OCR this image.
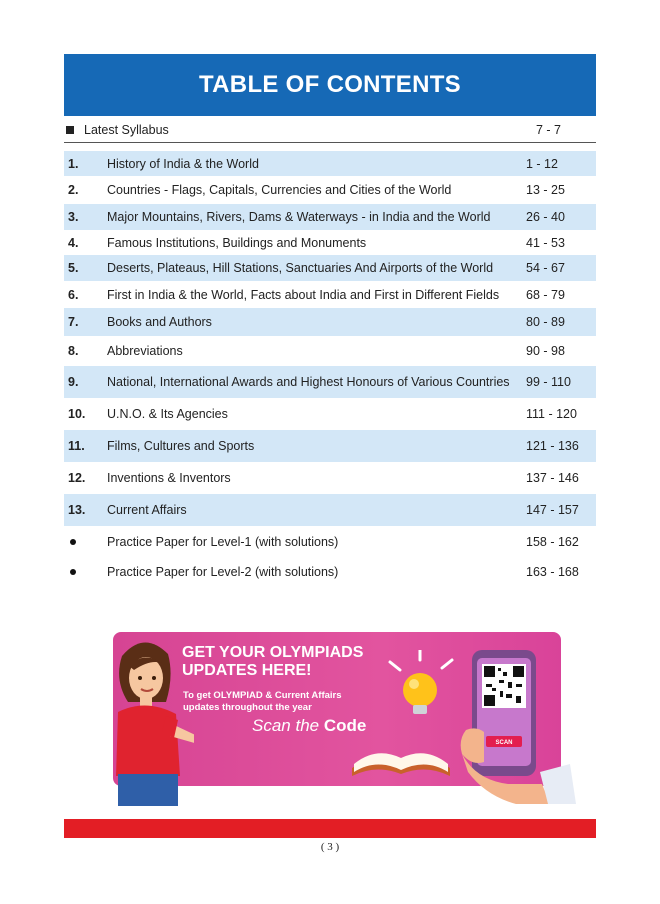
TABLE OF CONTENTS
Latest Syllabus	7 - 7
1. History of India & the World	1 - 12
2. Countries - Flags, Capitals, Currencies and Cities of the World	13 - 25
3. Major Mountains, Rivers, Dams & Waterways - in India and the World	26 - 40
4. Famous Institutions, Buildings and Monuments	41 - 53
5. Deserts, Plateaus, Hill Stations, Sanctuaries And Airports of the World	54 - 67
6. First in India & the World, Facts about India and First in Different Fields 68 - 79
7. Books and Authors	80 - 89
8. Abbreviations	90 - 98
9. National, International Awards and Highest Honours of Various Countries 99 - 110
10. U.N.O. & Its Agencies	111 - 120
11. Films, Cultures and Sports	121 - 136
12. Inventions & Inventors	137 - 146
13. Current Affairs	147 - 157
Practice Paper for Level-1 (with solutions)	158 - 162
Practice Paper for Level-2 (with solutions)	163 - 168
GET YOUR OLYMPIADS
UPDATES HERE!
To get OLYMPIAD & Current Affairs
updates throughout the year
Scan the Code
SCAN
( 3 )
